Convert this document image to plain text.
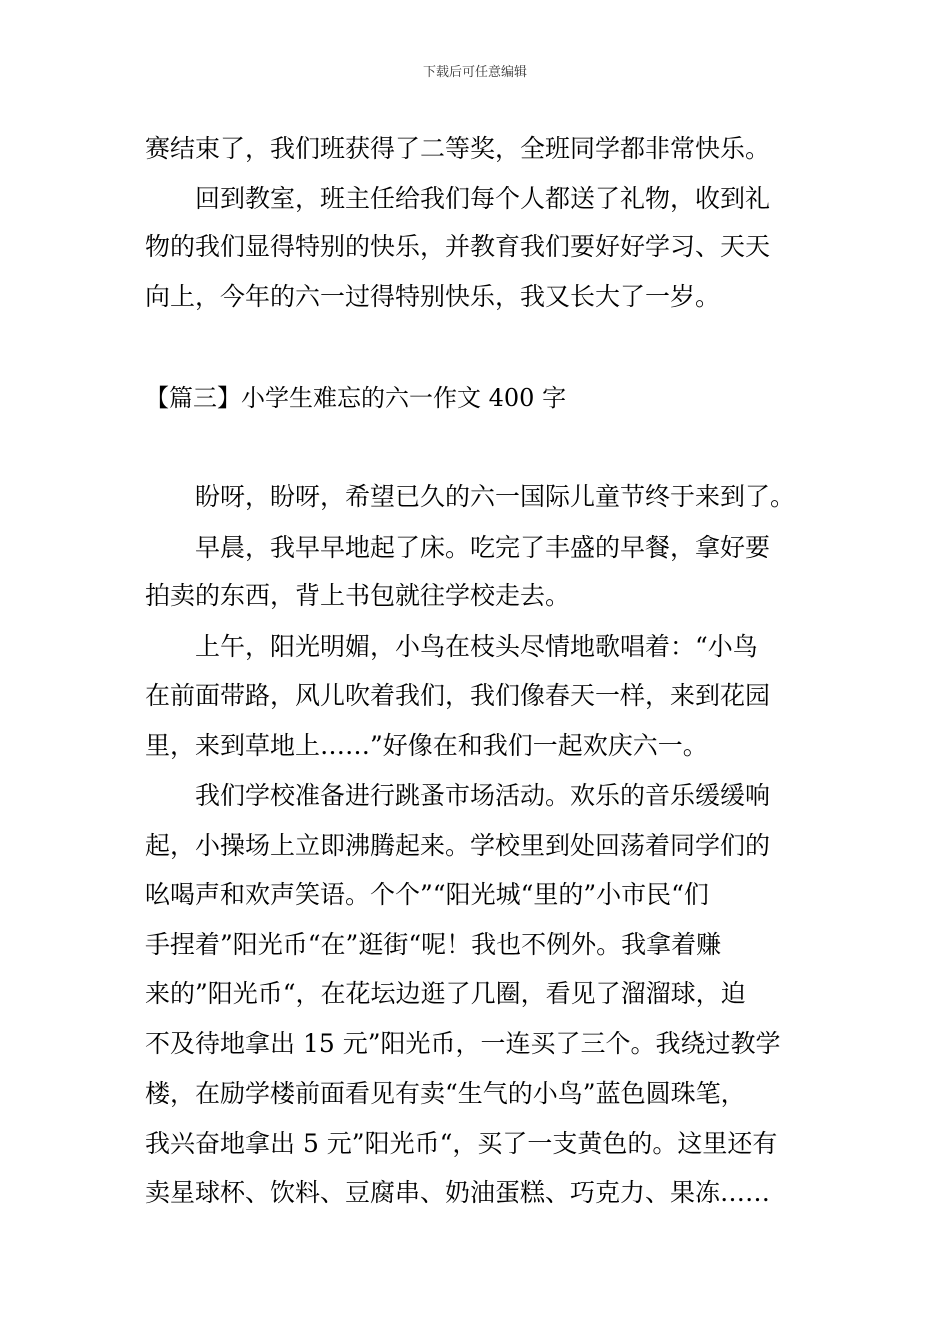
下载后可任意编辑
赛结束了，我们班获得了二等奖，全班同学都非常快乐。
回到教室，班主任给我们每个人都送了礼物，收到礼
物的我们显得特别的快乐，并教育我们要好好学习、天天
向上，今年的六一过得特别快乐，我又长大了一岁。
【篇三】小学生难忘的六一作文 400 字
盼呀，盼呀，希望已久的六一国际儿童节终于来到了。
早晨，我早早地起了床。吃完了丰盛的早餐，拿好要
拍卖的东西，背上书包就往学校走去。
上午，阳光明媚，小鸟在枝头尽情地歌唱着：“小鸟
在前面带路，风儿吹着我们，我们像春天一样，来到花园
里，来到草地上……”好像在和我们一起欢庆六一。
我们学校准备进行跳蚤市场活动。欢乐的音乐缓缓响
起，小操场上立即沸腾起来。学校里到处回荡着同学们的
吆喝声和欢声笑语。个个”“阳光城“里的”小市民“们
手捏着”阳光币“在”逛街“呢！我也不例外。我拿着赚
来的”阳光币“，在花坛边逛了几圈，看见了溜溜球，迫
不及待地拿出 15 元”阳光币，一连买了三个。我绕过教学
楼，在励学楼前面看见有卖“生气的小鸟”蓝色圆珠笔，
我兴奋地拿出 5 元”阳光币“，买了一支黄色的。这里还有
卖星球杯、饮料、豆腐串、奶油蛋糕、巧克力、果冻……
